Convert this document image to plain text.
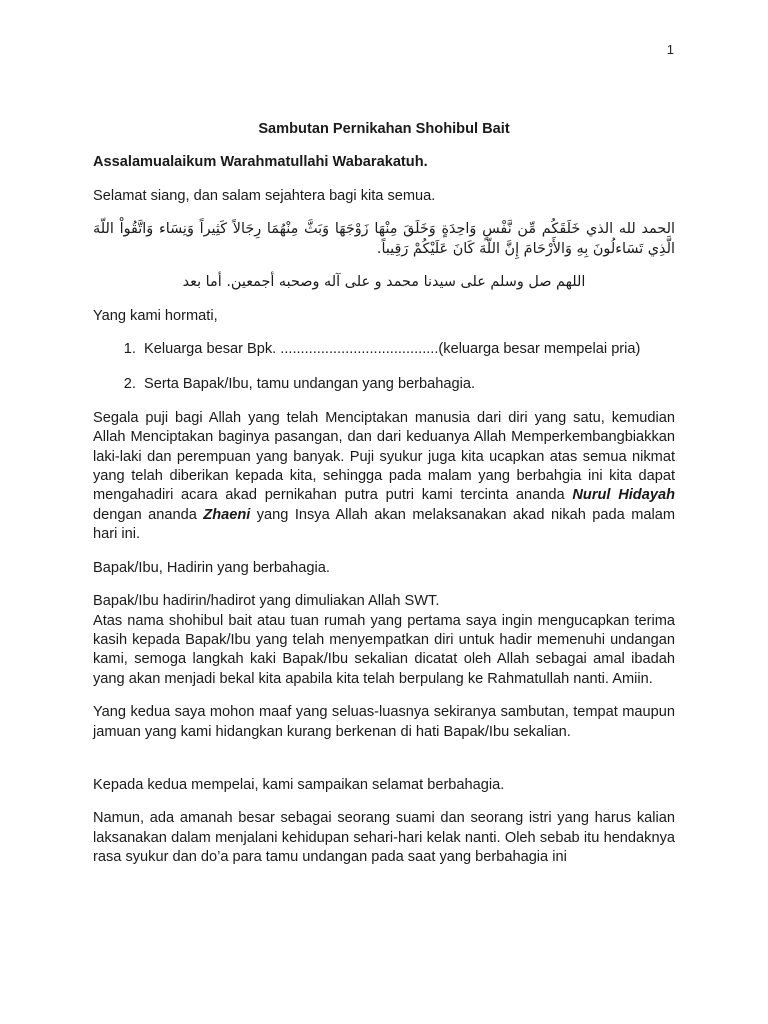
1

Sambutan Pernikahan Shohibul Bait

Assalamualaikum Warahmatullahi Wabarakatuh.

Selamat siang, dan salam sejahtera bagi kita semua.

الحمد لله الذي خَلَقَكُم مِّن نَّفْسٍ وَاحِدَةٍ وَخَلَقَ مِنْهَا زَوْجَهَا وَبَثَّ مِنْهُمَا رِجَالاً كَثِيراً وَنِسَاء وَاتَّقُواْ اللّهَ الَّذِي تَسَاءلُونَ بِهِ وَالأَرْحَامَ إِنَّ اللّهَ كَانَ عَلَيْكُمْ رَقِيباً.

اللهم صل وسلم على سيدنا محمد و على آله وصحبه أجمعين. أما بعد

Yang kami hormati,

1. Keluarga besar Bpk. .......................................(keluarga besar mempelai pria)
2. Serta Bapak/Ibu, tamu undangan yang berbahagia.

Segala puji bagi Allah yang telah Menciptakan manusia dari diri yang satu, kemudian Allah Menciptakan baginya pasangan, dan dari keduanya Allah Memperkembangbiakkan laki-laki dan perempuan yang banyak. Puji syukur juga kita ucapkan atas semua nikmat yang telah diberikan kepada kita, sehingga pada malam yang berbahgia ini kita dapat mengahadiri acara akad pernikahan putra putri kami tercinta ananda Nurul Hidayah dengan ananda Zhaeni yang Insya Allah akan melaksanakan akad nikah pada malam hari ini.

Bapak/Ibu, Hadirin yang berbahagia.

Bapak/Ibu hadirin/hadirot yang dimuliakan Allah SWT.

Atas nama shohibul bait atau tuan rumah yang pertama saya ingin mengucapkan terima kasih kepada Bapak/Ibu yang telah menyempatkan diri untuk hadir memenuhi undangan kami, semoga langkah kaki Bapak/Ibu sekalian dicatat oleh Allah sebagai amal ibadah yang akan menjadi bekal kita apabila kita telah berpulang ke Rahmatullah nanti. Amiin.

Yang kedua saya mohon maaf yang seluas-luasnya sekiranya sambutan, tempat maupun jamuan yang kami hidangkan kurang berkenan di hati Bapak/Ibu sekalian.

Kepada kedua mempelai, kami sampaikan selamat berbahagia.

Namun, ada amanah besar sebagai seorang suami dan seorang istri yang harus kalian laksanakan dalam menjalani kehidupan sehari-hari kelak nanti. Oleh sebab itu hendaknya rasa syukur dan do’a para tamu undangan pada saat yang berbahagia ini
